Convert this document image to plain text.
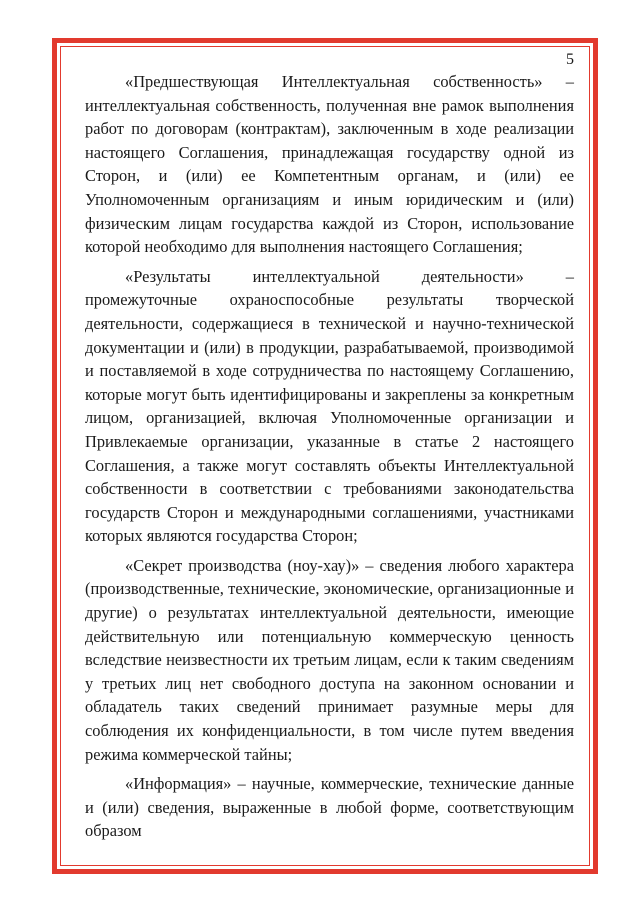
5

«Предшествующая Интеллектуальная собственность» – интеллектуальная собственность, полученная вне рамок выполнения работ по договорам (контрактам), заключенным в ходе реализации настоящего Соглашения, принадлежащая государству одной из Сторон, и (или) ее Компетентным органам, и (или) ее Уполномоченным организациям и иным юридическим и (или) физическим лицам государства каждой из Сторон, использование которой необходимо для выполнения настоящего Соглашения;

«Результаты интеллектуальной деятельности» – промежуточные охраноспособные результаты творческой деятельности, содержащиеся в технической и научно-технической документации и (или) в продукции, разрабатываемой, производимой и поставляемой в ходе сотрудничества по настоящему Соглашению, которые могут быть идентифицированы и закреплены за конкретным лицом, организацией, включая Уполномоченные организации и Привлекаемые организации, указанные в статье 2 настоящего Соглашения, а также могут составлять объекты Интеллектуальной собственности в соответствии с требованиями законодательства государств Сторон и международными соглашениями, участниками которых являются государства Сторон;

«Секрет производства (ноу-хау)» – сведения любого характера (производственные, технические, экономические, организационные и другие) о результатах интеллектуальной деятельности, имеющие действительную или потенциальную коммерческую ценность вследствие неизвестности их третьим лицам, если к таким сведениям у третьих лиц нет свободного доступа на законном основании и обладатель таких сведений принимает разумные меры для соблюдения их конфиденциальности, в том числе путем введения режима коммерческой тайны;

«Информация» – научные, коммерческие, технические данные и (или) сведения, выраженные в любой форме, соответствующим образом
